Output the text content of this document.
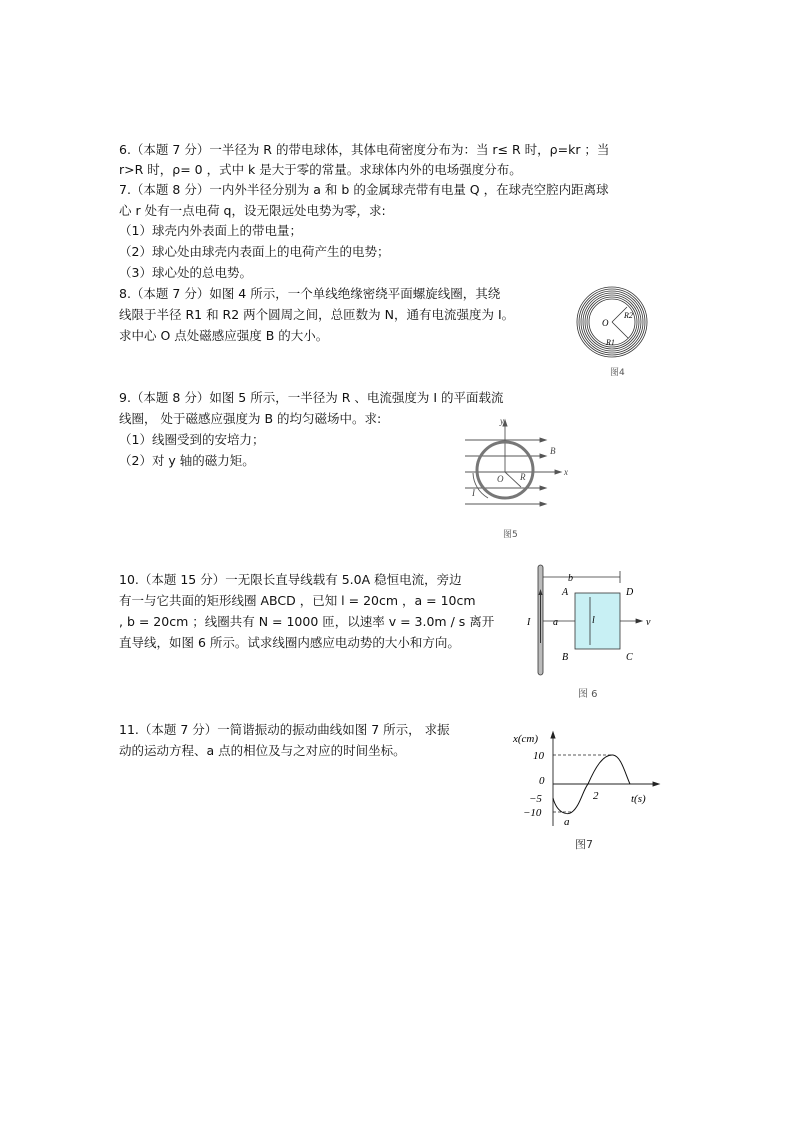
6.（本题 7 分）一半径为 R 的带电球体，其体电荷密度分布为：当 r≤ R 时，ρ=kr ；当
r>R 时，ρ= 0 ，式中 k 是大于零的常量。求球体内外的电场强度分布。
7.（本题 8 分）一内外半径分别为 a 和 b 的金属球壳带有电量 Q ，在球壳空腔内距离球
心 r 处有一点电荷 q，设无限远处电势为零，求:
（1）球壳内外表面上的带电量；
（2）球心处由球壳内表面上的电荷产生的电势；
（3）球心处的总电势。
8.（本题 7 分）如图 4 所示，一个单线绝缘密绕平面螺旋线圈，其绕
线限于半径 R1 和 R2 两个圆周之间，总匝数为 N，通有电流强度为 I。
求中心 O 点处磁感应强度 B 的大小。
9.（本题 8 分）如图 5 所示，一半径为 R 、电流强度为 I 的平面载流
线圈， 处于磁感应强度为 B 的均匀磁场中。求:
（1）线圈受到的安培力；
（2）对 y 轴的磁力矩。
10.（本题 15 分）一无限长直导线载有 5.0A 稳恒电流，旁边
有一与它共面的矩形线圈 ABCD ，已知 l = 20cm ，a = 10cm
, b = 20cm ；线圈共有 N = 1000 匝，以速率 v = 3.0m / s 离开
直导线，如图 6 所示。试求线圈内感应电动势的大小和方向。
11.（本题 7 分）一简谐振动的振动曲线如图 7 所示， 求振
动的运动方程、a 点的相位及与之对应的时间坐标。
O
R2
R1
图4
y
B
x
O R
I
图5
b
A	D
I	l
a	v
B	C
图 6
x(cm)
t(s)
10
0
−5
−10
2
a
图7
